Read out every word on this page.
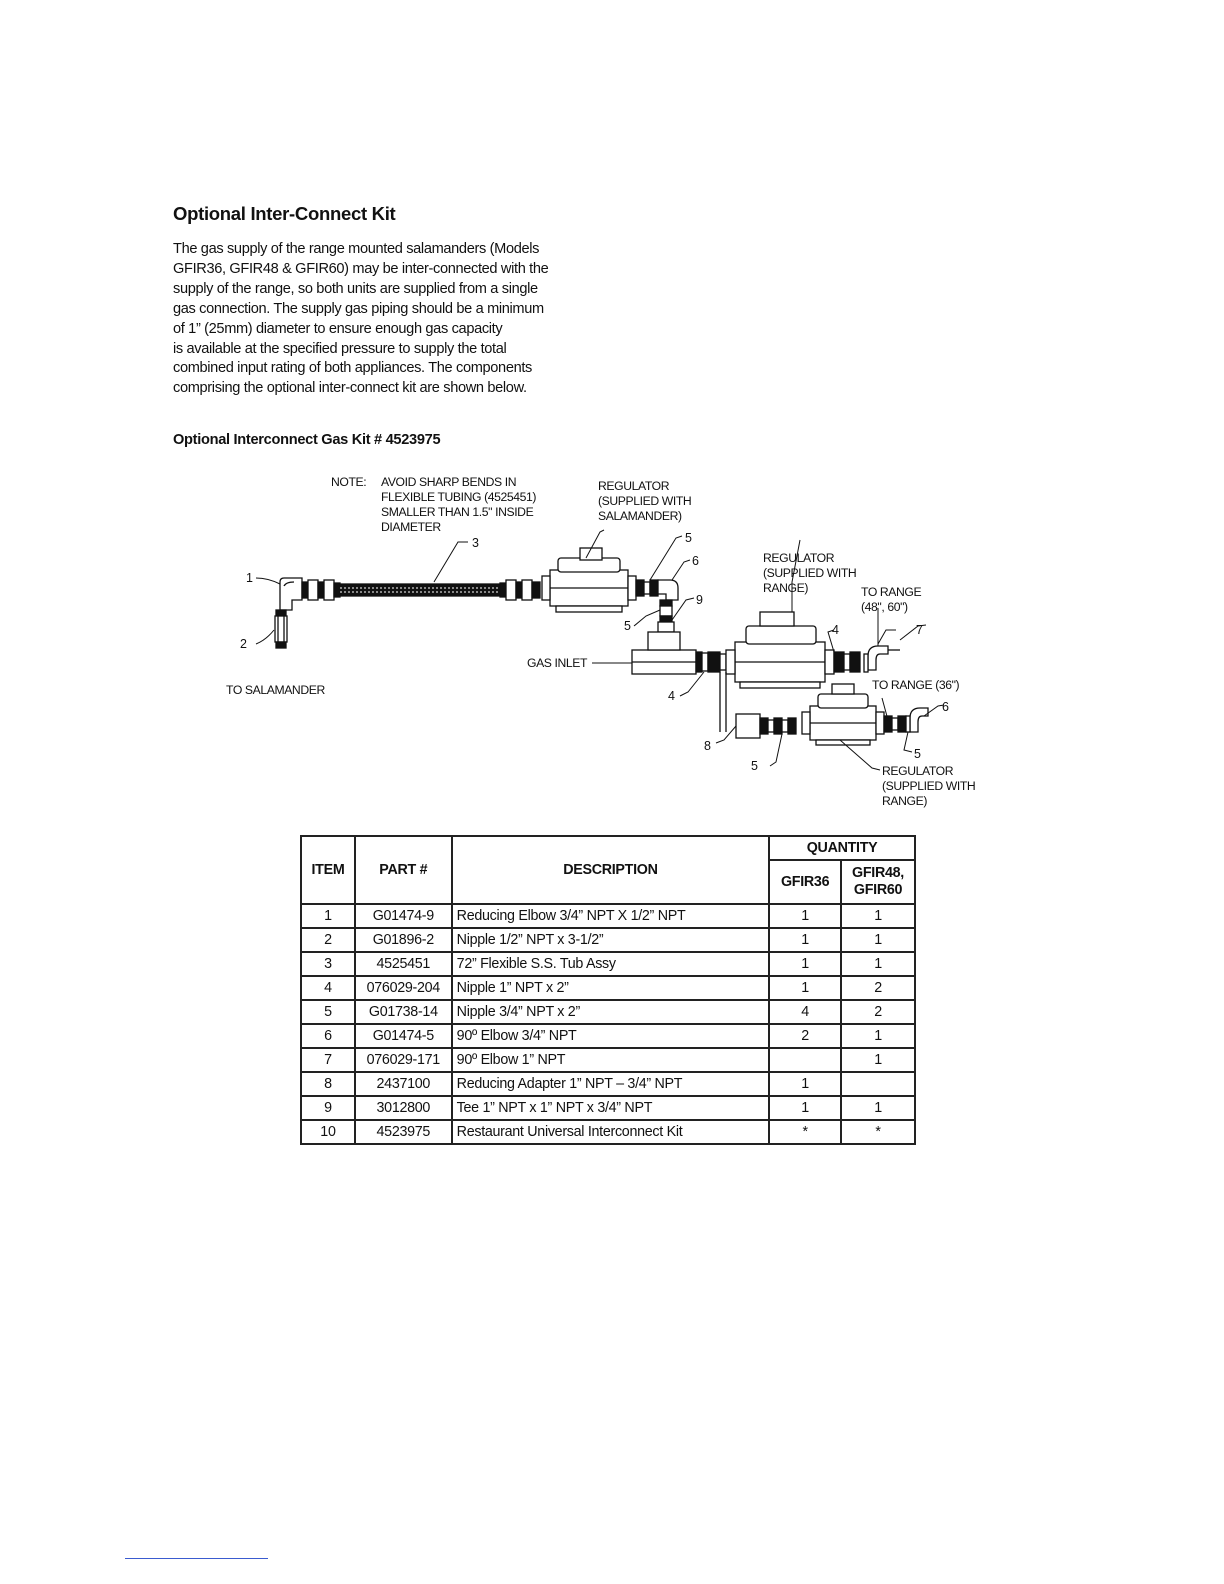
Optional Inter-Connect Kit

The gas supply of the range mounted salamanders (Models
GFIR36, GFIR48 & GFIR60) may be inter-connected with the
supply of the range, so both units are supplied from a single
gas connection. The supply gas piping should be a minimum
of 1” (25mm) diameter to ensure enough gas capacity
is available at the specified pressure to supply the total
combined input rating of both appliances. The components
comprising the optional inter-connect kit are shown below.

Optional Interconnect Gas Kit # 4523975
NOTE: AVOID SHARP BENDS IN
FLEXIBLE TUBING (4525451)
SMALLER THAN 1.5" INSIDE
DIAMETER
REGULATOR
(SUPPLIED WITH
SALAMANDER)
REGULATOR
(SUPPLIED WITH
RANGE)	TO RANGE
(48", 60")
TO RANGE (36")
TO SALAMANDER
GAS INLET
REGULATOR
(SUPPLIED WITH
RANGE)
1
2
3	5
6
9
5
4
4	7
6
5
8
5
ITEM	PART #	DESCRIPTION	QUANTITY	
			GFIR36	GFIR48,
GFIR60
1	G01474-9	Reducing Elbow 3/4” NPT X 1/2” NPT	1	1
2	G01896-2	Nipple 1/2” NPT x 3-1/2”	1	1
3	4525451	72” Flexible S.S. Tub Assy	1	1
4	076029-204	Nipple 1” NPT x 2”	1	2
5	G01738-14	Nipple 3/4” NPT x 2”	4	2
6	G01474-5	90º Elbow 3/4” NPT	2	1
7	076029-171	90º Elbow 1” NPT		1
8	2437100	Reducing Adapter 1” NPT – 3/4” NPT	1	
9	3012800	Tee 1” NPT x 1” NPT x 3/4” NPT	1	1
10	4523975	Restaurant Universal Interconnect Kit	*	*
